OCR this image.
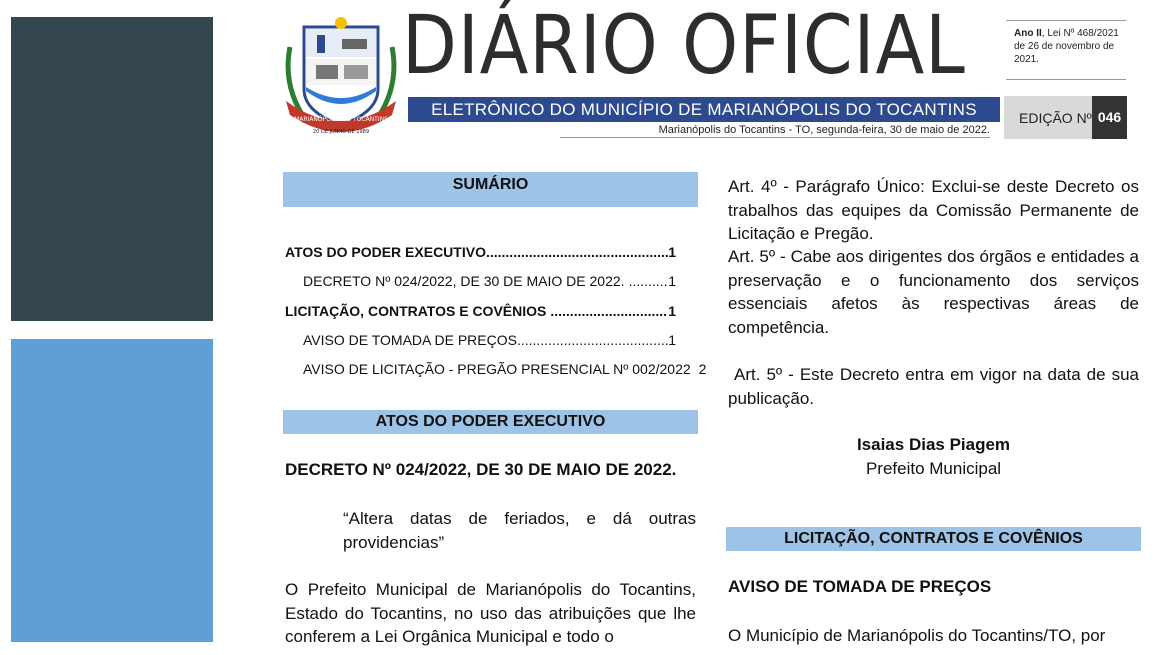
MARIANÓPOLIS DO TOCANTINS
20 DE JUNHO DE 1989
DIÁRIO OFICIAL	Ano II, Lei Nº 468/2021 de 26 de novembro de 2021.
ELETRÔNICO DO MUNICÍPIO DE MARIANÓPOLIS DO TOCANTINS	EDIÇÃO Nº 046
Marianópolis do Tocantins - TO, segunda-feira, 30 de maio de 2022.
SUMÁRIO
ATOS DO PODER EXECUTIVO .....	1
DECRETO Nº 024/2022, DE 30 DE MAIO DE 2022. .....	1
LICITAÇÃO, CONTRATOS E COVÊNIOS .....	1
AVISO DE TOMADA DE PREÇOS .....	1
AVISO DE LICITAÇÃO - PREGÃO PRESENCIAL Nº 002/2022 2
ATOS DO PODER EXECUTIVO
DECRETO Nº 024/2022, DE 30 DE MAIO DE 2022.
“Altera datas de feriados, e dá outras providencias”
O Prefeito Municipal de Marianópolis do Tocantins, Estado do Tocantins, no uso das atribuições que lhe conferem a Lei Orgânica Municipal e todo o
Art. 4º - Parágrafo Único: Exclui-se deste Decreto os trabalhos das equipes da Comissão Permanente de Licitação e Pregão.
Art. 5º - Cabe aos dirigentes dos órgãos e entidades a preservação e o funcionamento dos serviços essenciais afetos às respectivas áreas de competência.
Art. 5º - Este Decreto entra em vigor na data de sua publicação.
Isaias Dias Piagem
Prefeito Municipal
LICITAÇÃO, CONTRATOS E COVÊNIOS
AVISO DE TOMADA DE PREÇOS
O Município de Marianópolis do Tocantins/TO, por
